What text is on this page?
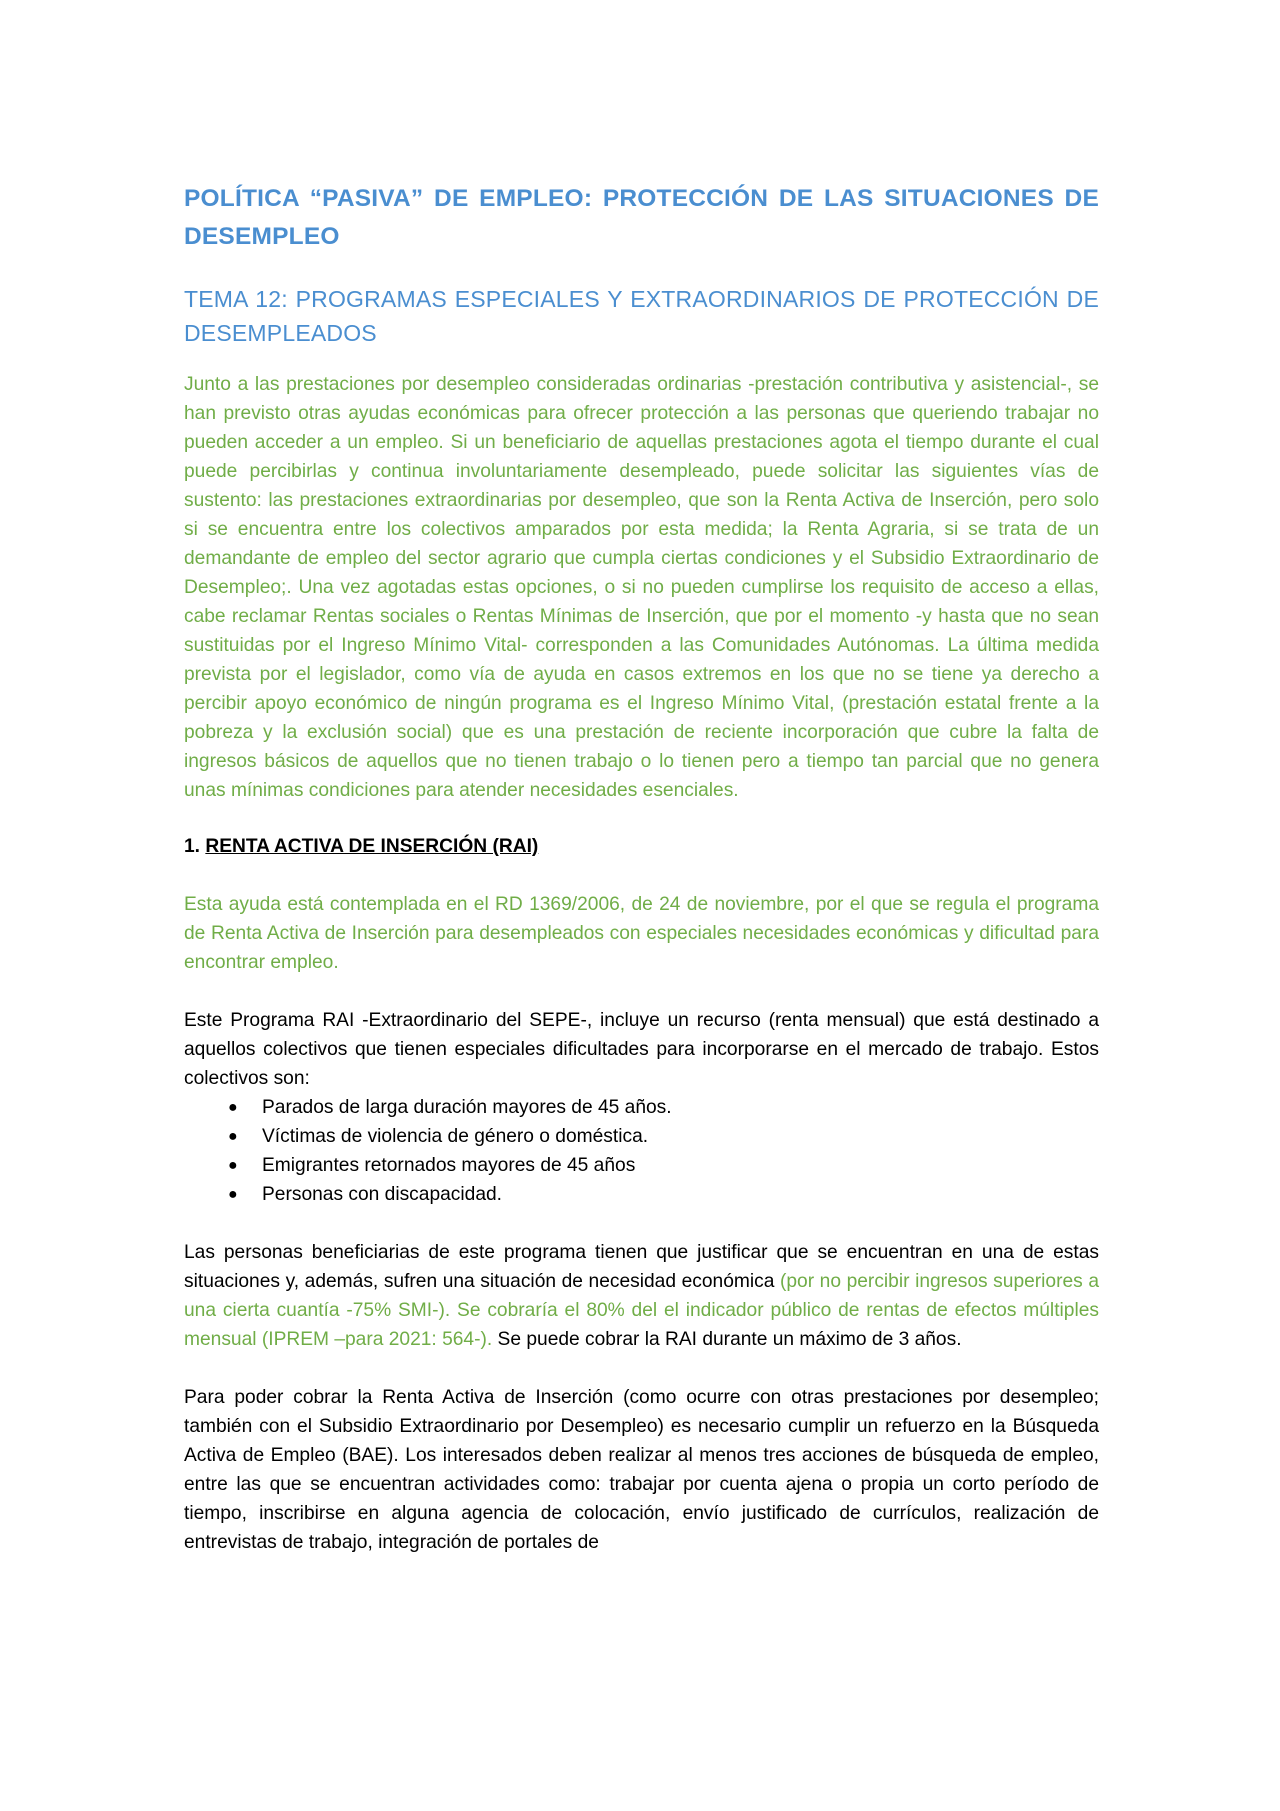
POLÍTICA “PASIVA” DE EMPLEO: PROTECCIÓN DE LAS SITUACIONES DE DESEMPLEO
TEMA 12: PROGRAMAS ESPECIALES Y EXTRAORDINARIOS DE PROTECCIÓN DE DESEMPLEADOS

Junto a las prestaciones por desempleo consideradas ordinarias -prestación contributiva y asistencial-, se han previsto otras ayudas económicas para ofrecer protección a las personas que queriendo trabajar no pueden acceder a un empleo. Si un beneficiario de aquellas prestaciones agota el tiempo durante el cual puede percibirlas y continua involuntariamente desempleado, puede solicitar las siguientes vías de sustento: las prestaciones extraordinarias por desempleo, que son la Renta Activa de Inserción, pero solo si se encuentra entre los colectivos amparados por esta medida; la Renta Agraria, si se trata de un demandante de empleo del sector agrario que cumpla ciertas condiciones y el Subsidio Extraordinario de Desempleo;. Una vez agotadas estas opciones, o si no pueden cumplirse los requisito de acceso a ellas, cabe reclamar Rentas sociales o Rentas Mínimas de Inserción, que por el momento -y hasta que no sean sustituidas por el Ingreso Mínimo Vital- corresponden a las Comunidades Autónomas. La última medida prevista por el legislador, como vía de ayuda en casos extremos en los que no se tiene ya derecho a percibir apoyo económico de ningún programa es el Ingreso Mínimo Vital, (prestación estatal frente a la pobreza y la exclusión social) que es una prestación de reciente incorporación que cubre la falta de ingresos básicos de aquellos que no tienen trabajo o lo tienen pero a tiempo tan parcial que no genera unas mínimas condiciones para atender necesidades esenciales.

1. RENTA ACTIVA DE INSERCIÓN (RAI)

Esta ayuda está contemplada en el RD 1369/2006, de 24 de noviembre, por el que se regula el programa de Renta Activa de Inserción para desempleados con especiales necesidades económicas y dificultad para encontrar empleo.

Este Programa RAI -Extraordinario del SEPE-, incluye un recurso (renta mensual) que está destinado a aquellos colectivos que tienen especiales dificultades para incorporarse en el mercado de trabajo. Estos colectivos son:

● Parados de larga duración mayores de 45 años.
● Víctimas de violencia de género o doméstica.
● Emigrantes retornados mayores de 45 años
● Personas con discapacidad.

Las personas beneficiarias de este programa tienen que justificar que se encuentran en una de estas situaciones y, además, sufren una situación de necesidad económica (por no percibir ingresos superiores a una cierta cuantía -75% SMI-). Se cobraría el 80% del el indicador público de rentas de efectos múltiples mensual (IPREM –para 2021: 564-). Se puede cobrar la RAI durante un máximo de 3 años.

Para poder cobrar la Renta Activa de Inserción (como ocurre con otras prestaciones por desempleo; también con el Subsidio Extraordinario por Desempleo) es necesario cumplir un refuerzo en la Búsqueda Activa de Empleo (BAE). Los interesados deben realizar al menos tres acciones de búsqueda de empleo, entre las que se encuentran actividades como: trabajar por cuenta ajena o propia un corto período de tiempo, inscribirse en alguna agencia de colocación, envío justificado de currículos, realización de entrevistas de trabajo, integración de portales de
